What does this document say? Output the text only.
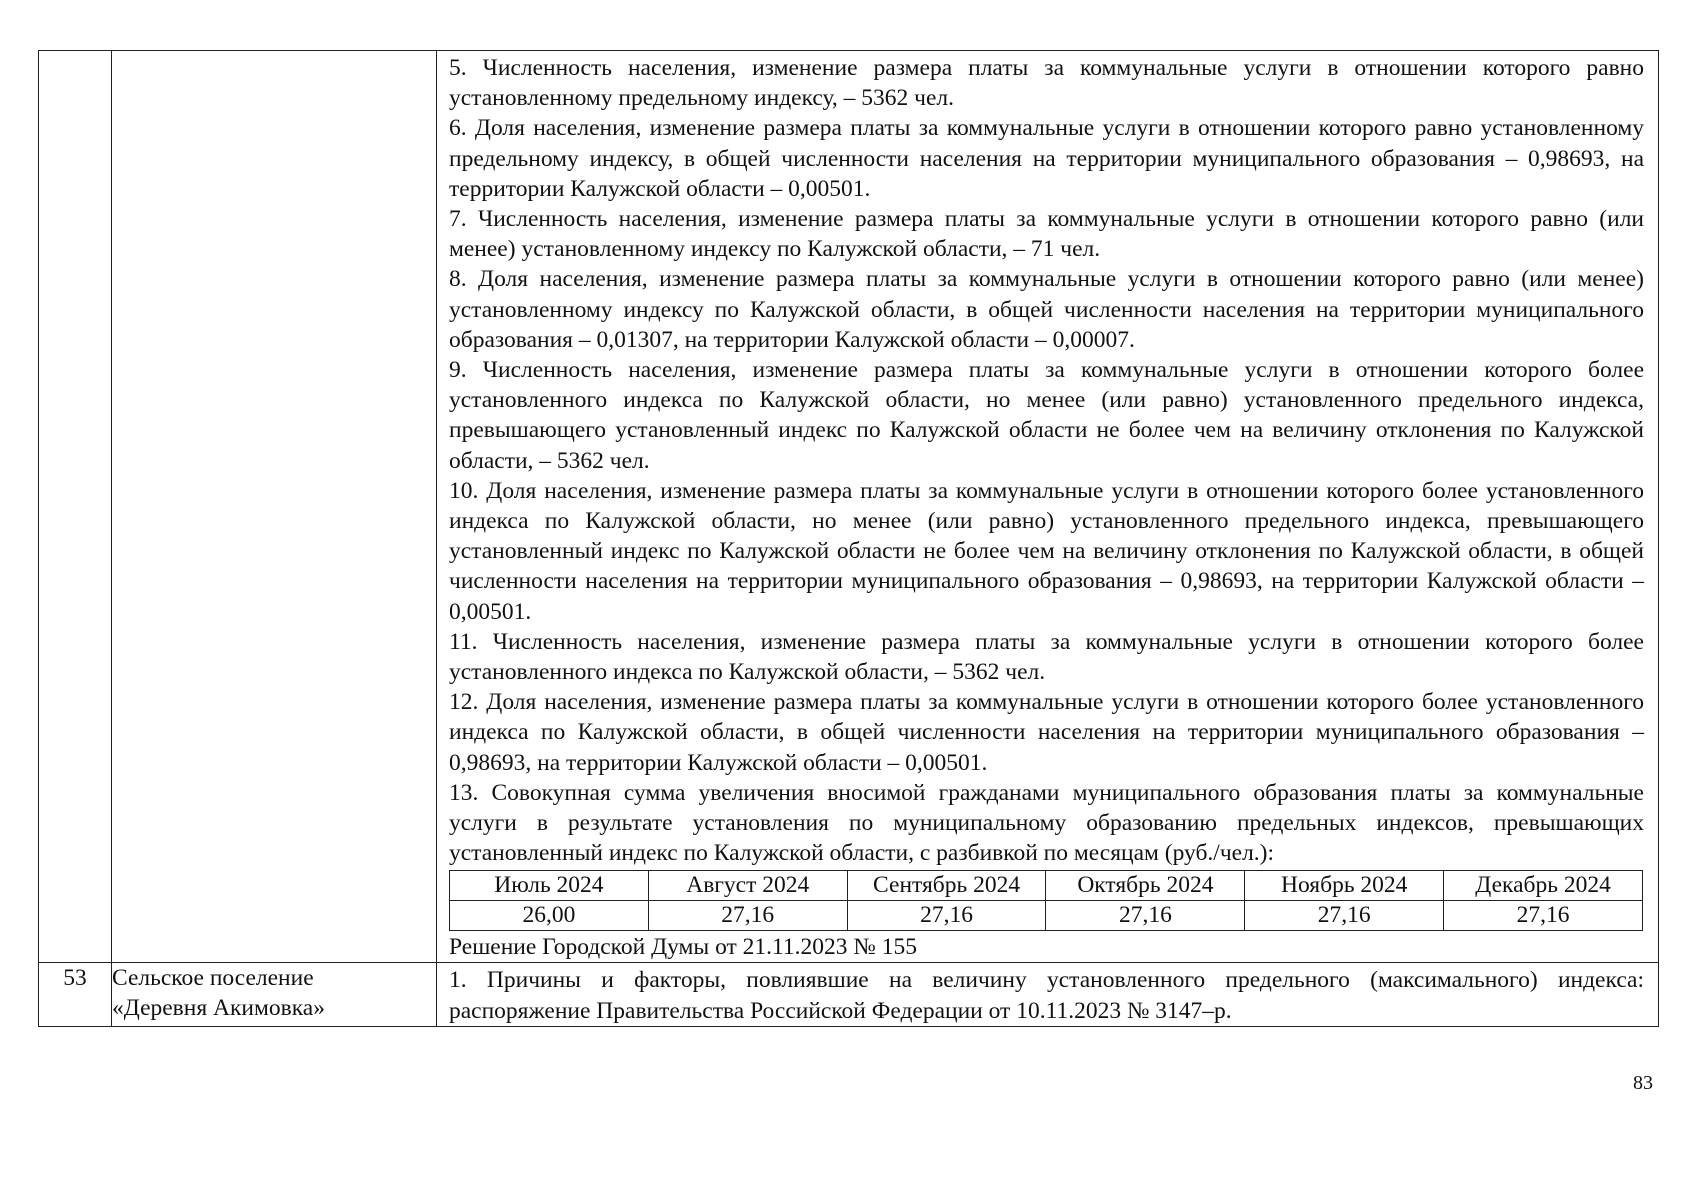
5. Численность населения, изменение размера платы за коммунальные услуги в отношении которого равно установленному предельному индексу, – 5362 чел.

6. Доля населения, изменение размера платы за коммунальные услуги в отношении которого равно установленному предельному индексу, в общей численности населения на территории муниципального образования – 0,98693, на территории Калужской области – 0,00501.

7. Численность населения, изменение размера платы за коммунальные услуги в отношении которого равно (или менее) установленному индексу по Калужской области, – 71 чел.

8. Доля населения, изменение размера платы за коммунальные услуги в отношении которого равно (или менее) установленному индексу по Калужской области, в общей численности населения на территории муниципального образования – 0,01307, на территории Калужской области – 0,00007.

9. Численность населения, изменение размера платы за коммунальные услуги в отношении которого более установленного индекса по Калужской области, но менее (или равно) установленного предельного индекса, превышающего установленный индекс по Калужской области не более чем на величину отклонения по Калужской области, – 5362 чел.

10. Доля населения, изменение размера платы за коммунальные услуги в отношении которого более установленного индекса по Калужской области, но менее (или равно) установленного предельного индекса, превышающего установленный индекс по Калужской области не более чем на величину отклонения по Калужской области, в общей численности населения на территории муниципального образования – 0,98693, на территории Калужской области – 0,00501.

11. Численность населения, изменение размера платы за коммунальные услуги в отношении которого более установленного индекса по Калужской области, – 5362 чел.

12. Доля населения, изменение размера платы за коммунальные услуги в отношении которого более установленного индекса по Калужской области, в общей численности населения на территории муниципального образования – 0,98693, на территории Калужской области – 0,00501.

13. Совокупная сумма увеличения вносимой гражданами муниципального образования платы за коммунальные услуги в результате установления по муниципальному образованию предельных индексов, превышающих установленный индекс по Калужской области, с разбивкой по месяцам (руб./чел.):

Июль 2024	Август 2024	Сентябрь 2024	Октябрь 2024	Ноябрь 2024	Декабрь 2024
26,00	27,16	27,16	27,16	27,16	27,16
Решение Городской Думы от 21.11.2023 № 155

53	Сельское поселение
«Деревня Акимовка»

1. Причины и факторы, повлиявшие на величину установленного предельного (максимального) индекса: распоряжение Правительства Российской Федерации от 10.11.2023 № 3147–р.

83
